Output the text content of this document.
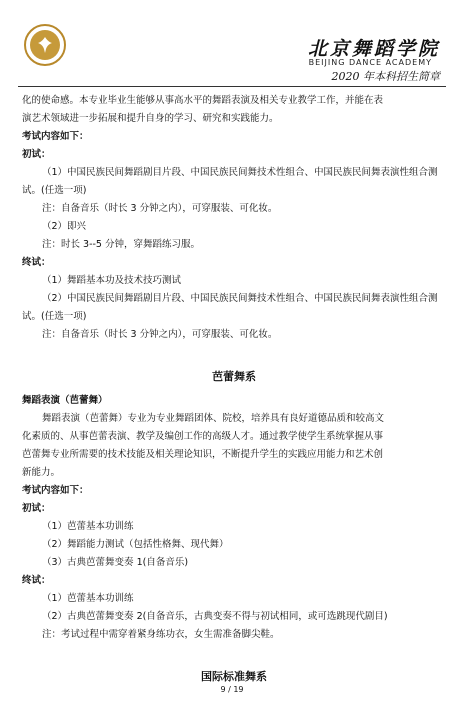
北京舞蹈学院
BEIJING DANCE ACADEMY
2020 年本科招生简章

化的使命感。本专业毕业生能够从事高水平的舞蹈表演及相关专业教学工作，并能在表

演艺术领域进一步拓展和提升自身的学习、研究和实践能力。

考试内容如下：

初试：

（1）中国民族民间舞蹈剧目片段、中国民族民间舞技术性组合、中国民族民间舞表演性组合测

试。(任选一项)

注：自备音乐（时长 3 分钟之内），可穿服装、可化妆。

（2）即兴

注：时长 3--5 分钟，穿舞蹈练习服。

终试：

（1）舞蹈基本功及技术技巧测试

（2）中国民族民间舞蹈剧目片段、中国民族民间舞技术性组合、中国民族民间舞表演性组合测

试。(任选一项)

注：自备音乐（时长 3 分钟之内），可穿服装、可化妆。

芭蕾舞系

舞蹈表演（芭蕾舞）

舞蹈表演（芭蕾舞）专业为专业舞蹈团体、院校，培养具有良好道德品质和较高文

化素质的、从事芭蕾表演、教学及编创工作的高级人才。通过教学使学生系统掌握从事

芭蕾舞专业所需要的技术技能及相关理论知识，不断提升学生的实践应用能力和艺术创

新能力。

考试内容如下：

初试：

（1）芭蕾基本功训练

（2）舞蹈能力测试（包括性格舞、现代舞）

（3）古典芭蕾舞变奏 1(自备音乐)

终试：

（1）芭蕾基本功训练

（2）古典芭蕾舞变奏 2(自备音乐，古典变奏不得与初试相同，或可选跳现代剧目)

注：考试过程中需穿着紧身练功衣，女生需准备脚尖鞋。

国际标准舞系
9 / 19
